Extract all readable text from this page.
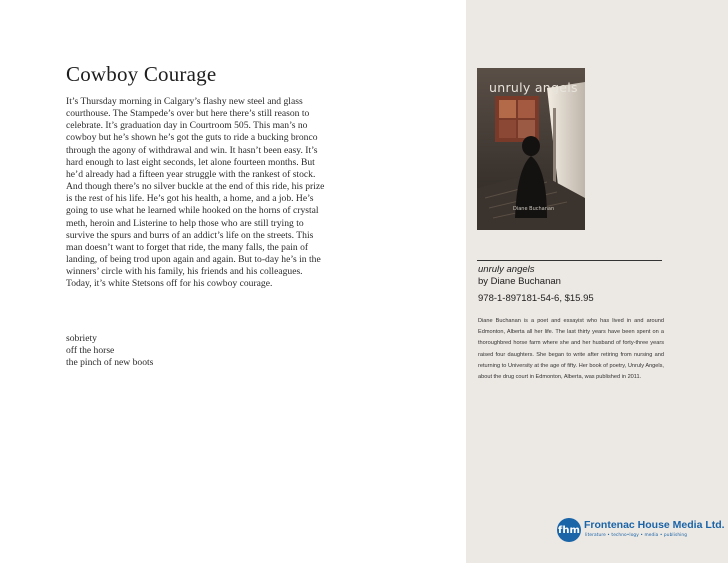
Cowboy Courage

It’s Thursday morning in Calgary’s flashy new steel and glass courthouse. The Stampede’s over but here there’s still reason to celebrate. It’s graduation day in Courtroom 505. This man’s no cowboy but he’s shown he’s got the guts to ride a bucking bronco through the agony of withdrawal and win. It hasn’t been easy. It’s hard enough to last eight seconds, let alone fourteen months. But he’d already had a fifteen year struggle with the rankest of stock. And though there’s no silver buckle at the end of this ride, his prize is the rest of his life. He’s got his health, a home, and a job. He’s going to use what he learned while hooked on the horns of crystal meth, heroin and Listerine to help those who are still trying to survive the spurs and burrs of an addict’s life on the streets. This man doesn’t want to forget that ride, the many falls, the pain of landing, of being trod upon again and again. But to-day he’s in the winners’ circle with his family, his friends and his colleagues. Today, it’s white Stetsons off for his cowboy courage.

sobriety
off the horse
the pinch of new boots
unruly angels
Diane Buchanan
unruly angels
by Diane Buchanan
978-1-897181-54-6, $15.95

Diane Buchanan is a poet and essayist who has lived in and around Edmonton, Alberta all her life. The last thirty years have been spent on a thoroughbred horse farm where she and her husband of forty-three years raised four daughters. She began to write after retiring from nursing and returning to University at the age of fifty. Her book of poetry, Unruly Angels, about the drug court in Edmonton, Alberta, was published in 2011.

fhm Frontenac House Media Ltd.
literature • techno•logy • media • publishing
